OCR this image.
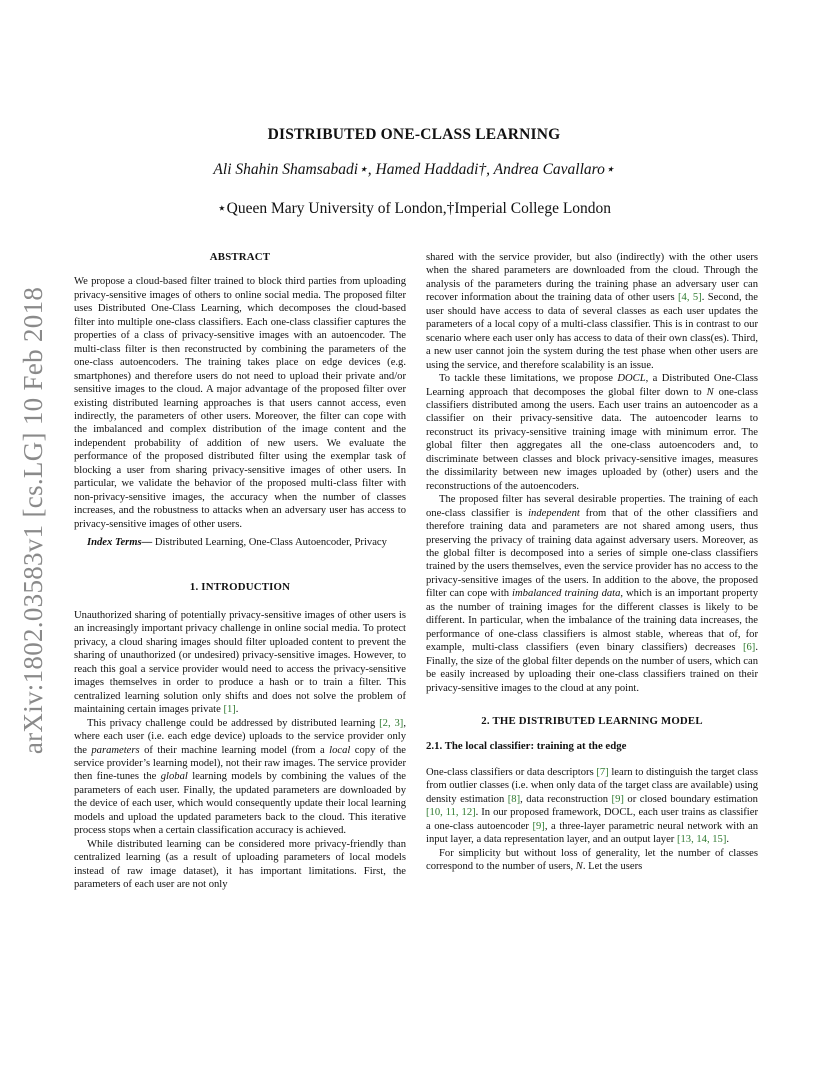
arXiv:1802.03583v1 [cs.LG] 10 Feb 2018
DISTRIBUTED ONE-CLASS LEARNING
Ali Shahin Shamsabadi⋆, Hamed Haddadi†, Andrea Cavallaro⋆
⋆Queen Mary University of London,†Imperial College London
ABSTRACT

We propose a cloud-based filter trained to block third parties from uploading privacy-sensitive images of others to online social media. The proposed filter uses Distributed One-Class Learning, which decomposes the cloud-based filter into multiple one-class classifiers. Each one-class classifier captures the properties of a class of privacy-sensitive images with an autoencoder. The multi-class filter is then reconstructed by combining the parameters of the one-class autoencoders. The training takes place on edge devices (e.g. smartphones) and therefore users do not need to upload their private and/or sensitive images to the cloud. A major advantage of the proposed filter over existing distributed learning approaches is that users cannot access, even indirectly, the parameters of other users. Moreover, the filter can cope with the imbalanced and complex distribution of the image content and the independent probability of addition of new users. We evaluate the performance of the proposed distributed filter using the exemplar task of blocking a user from sharing privacy-sensitive images of other users. In particular, we validate the behavior of the proposed multi-class filter with non-privacy-sensitive images, the accuracy when the number of classes increases, and the robustness to attacks when an adversary user has access to privacy-sensitive images of other users.

Index Terms— Distributed Learning, One-Class Autoencoder, Privacy

1. INTRODUCTION

Unauthorized sharing of potentially privacy-sensitive images of other users is an increasingly important privacy challenge in online social media. To protect privacy, a cloud sharing images should filter uploaded content to prevent the sharing of unauthorized (or undesired) privacy-sensitive images. However, to reach this goal a service provider would need to access the privacy-sensitive images themselves in order to produce a hash or to train a filter. This centralized learning solution only shifts and does not solve the problem of maintaining certain images private [1].

This privacy challenge could be addressed by distributed learning [2, 3], where each user (i.e. each edge device) uploads to the service provider only the parameters of their machine learning model (from a local copy of the service provider’s learning model), not their raw images. The service provider then fine-tunes the global learning models by combining the values of the parameters of each user. Finally, the updated parameters are downloaded by the device of each user, which would consequently update their local learning models and upload the updated parameters back to the cloud. This iterative process stops when a certain classification accuracy is achieved.

While distributed learning can be considered more privacy-friendly than centralized learning (as a result of uploading parameters of local models instead of raw image dataset), it has important limitations. First, the parameters of each user are not only

shared with the service provider, but also (indirectly) with the other users when the shared parameters are downloaded from the cloud. Through the analysis of the parameters during the training phase an adversary user can recover information about the training data of other users [4, 5]. Second, the user should have access to data of several classes as each user updates the parameters of a local copy of a multi-class classifier. This is in contrast to our scenario where each user only has access to data of their own class(es). Third, a new user cannot join the system during the test phase when other users are using the service, and therefore scalability is an issue.

To tackle these limitations, we propose DOCL, a Distributed One-Class Learning approach that decomposes the global filter down to N one-class classifiers distributed among the users. Each user trains an autoencoder as a classifier on their privacy-sensitive data. The autoencoder learns to reconstruct its privacy-sensitive training image with minimum error. The global filter then aggregates all the one-class autoencoders and, to discriminate between classes and block privacy-sensitive images, measures the dissimilarity between new images uploaded by (other) users and the reconstructions of the autoencoders.

The proposed filter has several desirable properties. The training of each one-class classifier is independent from that of the other classifiers and therefore training data and parameters are not shared among users, thus preserving the privacy of training data against adversary users. Moreover, as the global filter is decomposed into a series of simple one-class classifiers trained by the users themselves, even the service provider has no access to the privacy-sensitive images of the users. In addition to the above, the proposed filter can cope with imbalanced training data, which is an important property as the number of training images for the different classes is likely to be different. In particular, when the imbalance of the training data increases, the performance of one-class classifiers is almost stable, whereas that of, for example, multi-class classifiers (even binary classifiers) decreases [6]. Finally, the size of the global filter depends on the number of users, which can be easily increased by uploading their one-class classifiers trained on their privacy-sensitive images to the cloud at any point.

2. THE DISTRIBUTED LEARNING MODEL
2.1. The local classifier: training at the edge

One-class classifiers or data descriptors [7] learn to distinguish the target class from outlier classes (i.e. when only data of the target class are available) using density estimation [8], data reconstruction [9] or closed boundary estimation [10, 11, 12]. In our proposed framework, DOCL, each user trains as classifier a one-class autoencoder [9], a three-layer parametric neural network with an input layer, a data representation layer, and an output layer [13, 14, 15].

For simplicity but without loss of generality, let the number of classes correspond to the number of users, N. Let the users
